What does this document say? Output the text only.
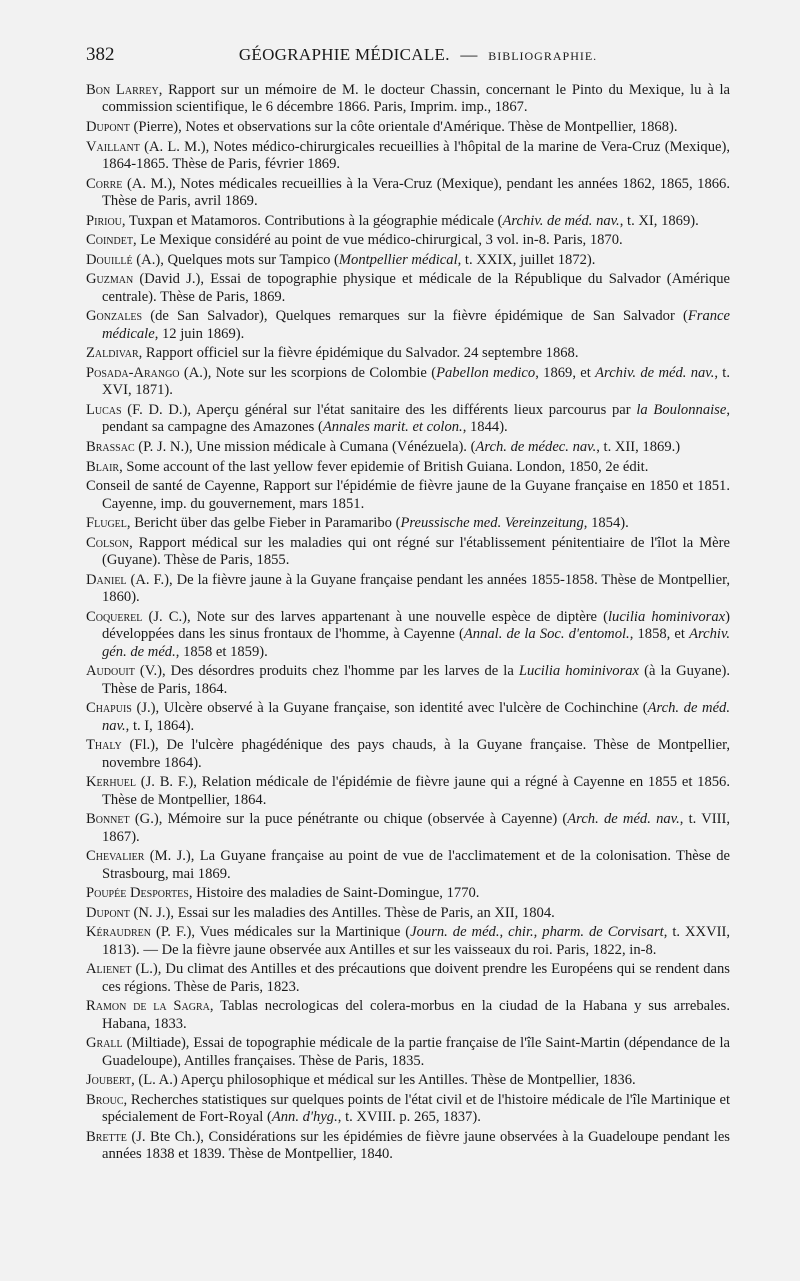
382	GÉOGRAPHIE MÉDICALE. — BIBLIOGRAPHIE.

Bon Larrey, Rapport sur un mémoire de M. le docteur Chassin, concernant le Pinto du Mexique, lu à la commission scientifique, le 6 décembre 1866. Paris, Imprim. imp., 1867.

Dupont (Pierre), Notes et observations sur la côte orientale d'Amérique. Thèse de Montpellier, 1868).

Vaillant (A. L. M.), Notes médico-chirurgicales recueillies à l'hôpital de la marine de Vera-Cruz (Mexique), 1864-1865. Thèse de Paris, février 1869.

Corre (A. M.), Notes médicales recueillies à la Vera-Cruz (Mexique), pendant les années 1862, 1865, 1866. Thèse de Paris, avril 1869.

Piriou, Tuxpan et Matamoros. Contributions à la géographie médicale (Archiv. de méd. nav., t. XI, 1869).

Coindet, Le Mexique considéré au point de vue médico-chirurgical, 3 vol. in-8. Paris, 1870.

Douillé (A.), Quelques mots sur Tampico (Montpellier médical, t. XXIX, juillet 1872).

Guzman (David J.), Essai de topographie physique et médicale de la République du Salvador (Amérique centrale). Thèse de Paris, 1869.

Gonzales (de San Salvador), Quelques remarques sur la fièvre épidémique de San Salvador (France médicale, 12 juin 1869).

Zaldivar, Rapport officiel sur la fièvre épidémique du Salvador. 24 septembre 1868.

Posada-Arango (A.), Note sur les scorpions de Colombie (Pabellon medico, 1869, et Archiv. de méd. nav., t. XVI, 1871).

Lucas (F. D. D.), Aperçu général sur l'état sanitaire des les différents lieux parcourus par la Boulonnaise, pendant sa campagne des Amazones (Annales marit. et colon., 1844).

Brassac (P. J. N.), Une mission médicale à Cumana (Vénézuela). (Arch. de médec. nav., t. XII, 1869.)

Blair, Some account of the last yellow fever epidemie of British Guiana. London, 1850, 2e édit.

Conseil de santé de Cayenne, Rapport sur l'épidémie de fièvre jaune de la Guyane française en 1850 et 1851. Cayenne, imp. du gouvernement, mars 1851.

Flugel, Bericht über das gelbe Fieber in Paramaribo (Preussische med. Vereinzeitung, 1854).

Colson, Rapport médical sur les maladies qui ont régné sur l'établissement pénitentiaire de l'îlot la Mère (Guyane). Thèse de Paris, 1855.

Daniel (A. F.), De la fièvre jaune à la Guyane française pendant les années 1855-1858. Thèse de Montpellier, 1860).

Coquerel (J. C.), Note sur des larves appartenant à une nouvelle espèce de diptère (lucilia hominivorax) développées dans les sinus frontaux de l'homme, à Cayenne (Annal. de la Soc. d'entomol., 1858, et Archiv. gén. de méd., 1858 et 1859).

Audouit (V.), Des désordres produits chez l'homme par les larves de la Lucilia hominivorax (à la Guyane). Thèse de Paris, 1864.

Chapuis (J.), Ulcère observé à la Guyane française, son identité avec l'ulcère de Cochinchine (Arch. de méd. nav., t. I, 1864).

Thaly (Fl.), De l'ulcère phagédénique des pays chauds, à la Guyane française. Thèse de Montpellier, novembre 1864).

Kerhuel (J. B. F.), Relation médicale de l'épidémie de fièvre jaune qui a régné à Cayenne en 1855 et 1856. Thèse de Montpellier, 1864.

Bonnet (G.), Mémoire sur la puce pénétrante ou chique (observée à Cayenne) (Arch. de méd. nav., t. VIII, 1867).

Chevalier (M. J.), La Guyane française au point de vue de l'acclimatement et de la colonisation. Thèse de Strasbourg, mai 1869.

Poupée Desportes, Histoire des maladies de Saint-Domingue, 1770.

Dupont (N. J.), Essai sur les maladies des Antilles. Thèse de Paris, an XII, 1804.

Kéraudren (P. F.), Vues médicales sur la Martinique (Journ. de méd., chir., pharm. de Corvisart, t. XXVII, 1813). — De la fièvre jaune observée aux Antilles et sur les vaisseaux du roi. Paris, 1822, in-8.

Alienet (L.), Du climat des Antilles et des précautions que doivent prendre les Européens qui se rendent dans ces régions. Thèse de Paris, 1823.

Ramon de la Sagra, Tablas necrologicas del colera-morbus en la ciudad de la Habana y sus arrebales. Habana, 1833.

Grall (Miltiade), Essai de topographie médicale de la partie française de l'île Saint-Martin (dépendance de la Guadeloupe), Antilles françaises. Thèse de Paris, 1835.

Joubert, (L. A.) Aperçu philosophique et médical sur les Antilles. Thèse de Montpellier, 1836.

Brouc, Recherches statistiques sur quelques points de l'état civil et de l'histoire médicale de l'île Martinique et spécialement de Fort-Royal (Ann. d'hyg., t. XVIII. p. 265, 1837).

Brette (J. Bte Ch.), Considérations sur les épidémies de fièvre jaune observées à la Guadeloupe pendant les années 1838 et 1839. Thèse de Montpellier, 1840.
